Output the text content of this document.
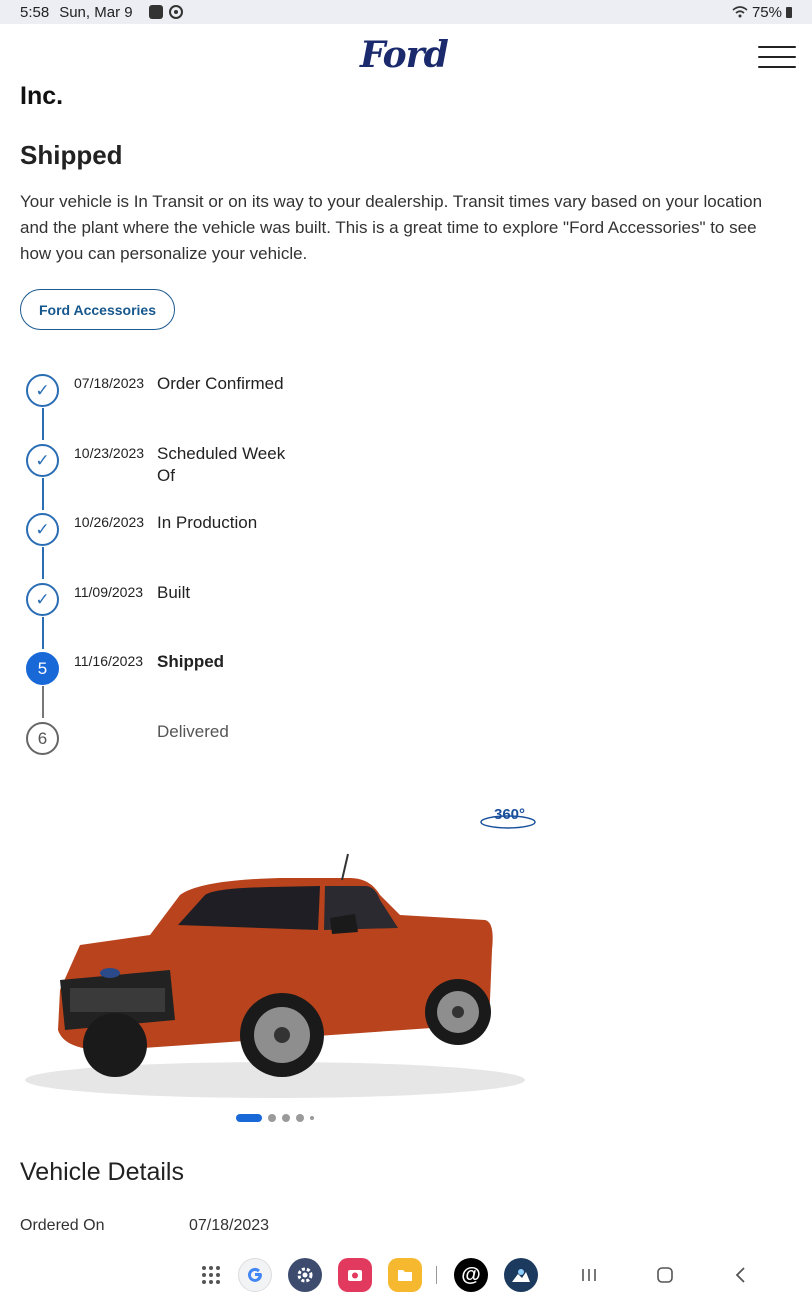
5:58 Sun, Mar 9	75%
Ford
Inc.
Shipped
Your vehicle is In Transit or on its way to your dealership. Transit times vary based on your location and the plant where the vehicle was built. This is a great time to explore "Ford Accessories" to see how you can personalize your vehicle.
Ford Accessories
✓	07/18/2023 Order Confirmed
✓	10/23/2023 Scheduled Week Of
✓	10/26/2023 In Production
✓	11/09/2023 Built
5	11/16/2023 Shipped
6	Delivered
360°
Vehicle Details
Ordered On	07/18/2023
@
